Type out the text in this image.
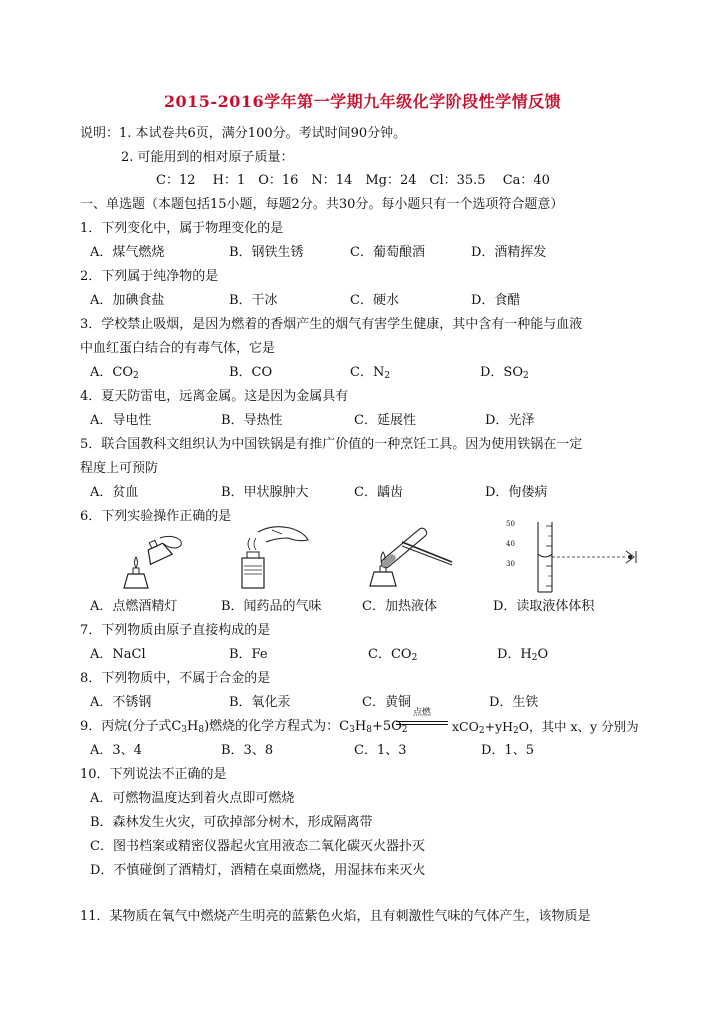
2015-2016学年第一学期九年级化学阶段性学情反馈
说明：1. 本试卷共6页，满分100分。考试时间90分钟。
2. 可能用到的相对原子质量：
C：12　 H：1　O：16　N：14　Mg：24　Cl：35.5　 Ca：40
一、单选题（本题包括15小题，每题2分。共30分。每小题只有一个选项符合题意）
1．下列变化中，属于物理变化的是
A．煤气燃烧	B．钢铁生锈	C．葡萄酿酒	D．酒精挥发
2．下列属于纯净物的是
A．加碘食盐	B．干冰	C．硬水	D．食醋
3．学校禁止吸烟，是因为燃着的香烟产生的烟气有害学生健康，其中含有一种能与血液
中血红蛋白结合的有毒气体，它是
A．$CO_2$	B．CO	C．$N_2$	D．$SO_2$
4．夏天防雷电，远离金属。这是因为金属具有
A．导电性	B．导热性	C．延展性	D．光泽
5．联合国教科文组织认为中国铁锅是有推广价值的一种烹饪工具。因为使用铁锅在一定
程度上可预防
A．贫血	B．甲状腺肿大	C．龋齿	D．佝偻病
6．下列实验操作正确的是	50
40
30
A．点燃酒精灯	B．闻药品的气味	C．加热液体	D．读取液体体积
7．下列物质由原子直接构成的是
A．NaCl	B．Fe	C．$CO_2$	D．$H_2O$
8．下列物质中，不属于合金的是
A．不锈钢	B．氧化汞	C．黄铜	D．生铁
9．丙烷(分子式$C_3H_8$)燃烧的化学方程式为：$C_3H_8+5O_2$
点燃
$xCO_2+yH_2O$，其中 x、y 分别为
A．3、4	B．3、8	C．1、3	D．1、5
10．下列说法不正确的是
A．可燃物温度达到着火点即可燃烧
B．森林发生火灾，可砍掉部分树木，形成隔离带
C．图书档案或精密仪器起火宜用液态二氧化碳灭火器扑灭
D．不慎碰倒了酒精灯，酒精在桌面燃烧，用湿抹布来灭火
11．某物质在氧气中燃烧产生明亮的蓝紫色火焰，且有刺激性气味的气体产生，该物质是
